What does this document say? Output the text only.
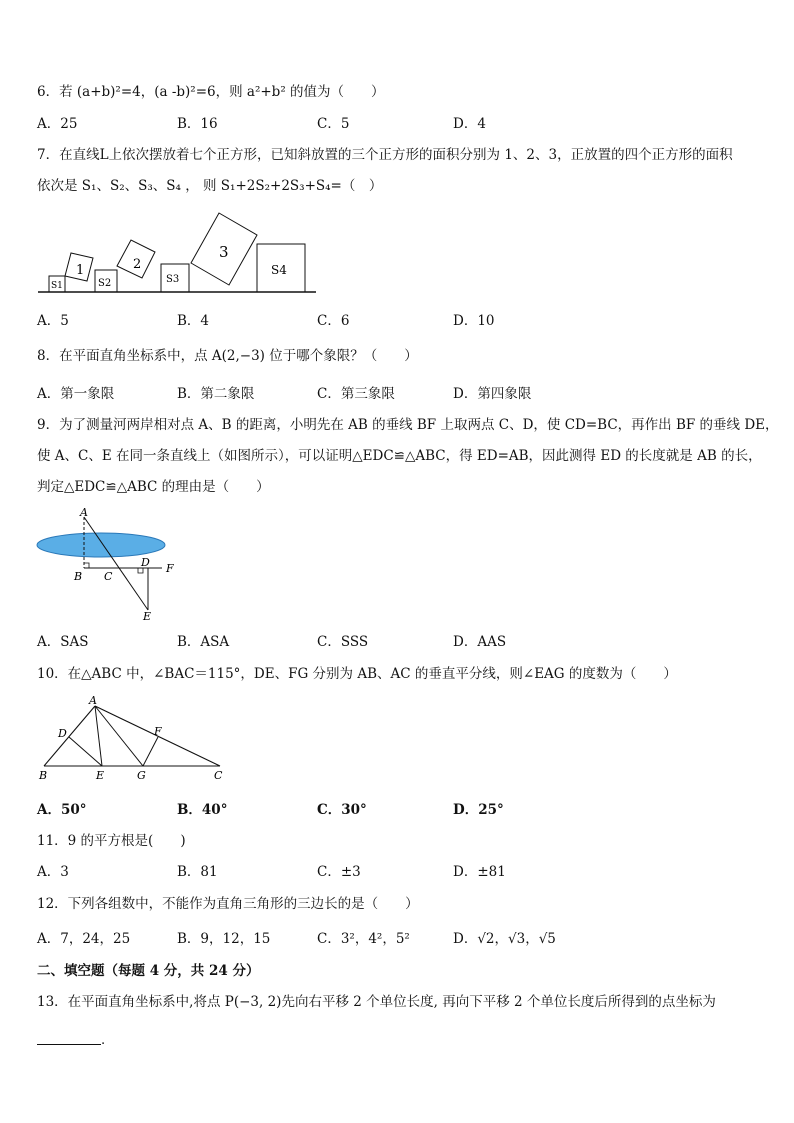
6．若 (a+b)²=4，(a -b)²=6，则 a²+b² 的值为（　　）
A．25	B．16	C．5	D．4
7．在直线L上依次摆放着七个正方形，已知斜放置的三个正方形的面积分别为 1、2、3，正放置的四个正方形的面积
依次是 S₁、S₂、S₃、S₄ ， 则 S₁+2S₂+2S₃+S₄=（　）
S1
1
S2
2
S3
3
S4
A．5	B．4	C．6	D．10
8．在平面直角坐标系中，点 A(2,−3) 位于哪个象限？（　　）
A．第一象限	B．第二象限	C．第三象限	D．第四象限
9．为了测量河两岸相对点 A、B 的距离，小明先在 AB 的垂线 BF 上取两点 C、D，使 CD=BC，再作出 BF 的垂线 DE，
使 A、C、E 在同一条直线上（如图所示），可以证明△EDC≌△ABC，得 ED=AB，因此测得 ED 的长度就是 AB 的长，
判定△EDC≌△ABC 的理由是（　　）
A
B C
D F
E
A．SAS	B．ASA	C．SSS	D．AAS
10．在△ABC 中，∠BAC＝115°，DE、FG 分别为 AB、AC 的垂直平分线，则∠EAG 的度数为（　　）
A
D	F
B	E	G	C
A．50°	B．40°	C．30°	D．25°
11．9 的平方根是(　　)
A．3	B．81	C．±3	D．±81
12．下列各组数中，不能作为直角三角形的三边长的是（　　）
A．7，24，25	B．9，12，15	C．3²，4²，5²	D．√2，√3，√5
二、填空题（每题 4 分，共 24 分）
13．在平面直角坐标系中,将点 P(−3, 2)先向右平移 2 个单位长度, 再向下平移 2 个单位长度后所得到的点坐标为
.
